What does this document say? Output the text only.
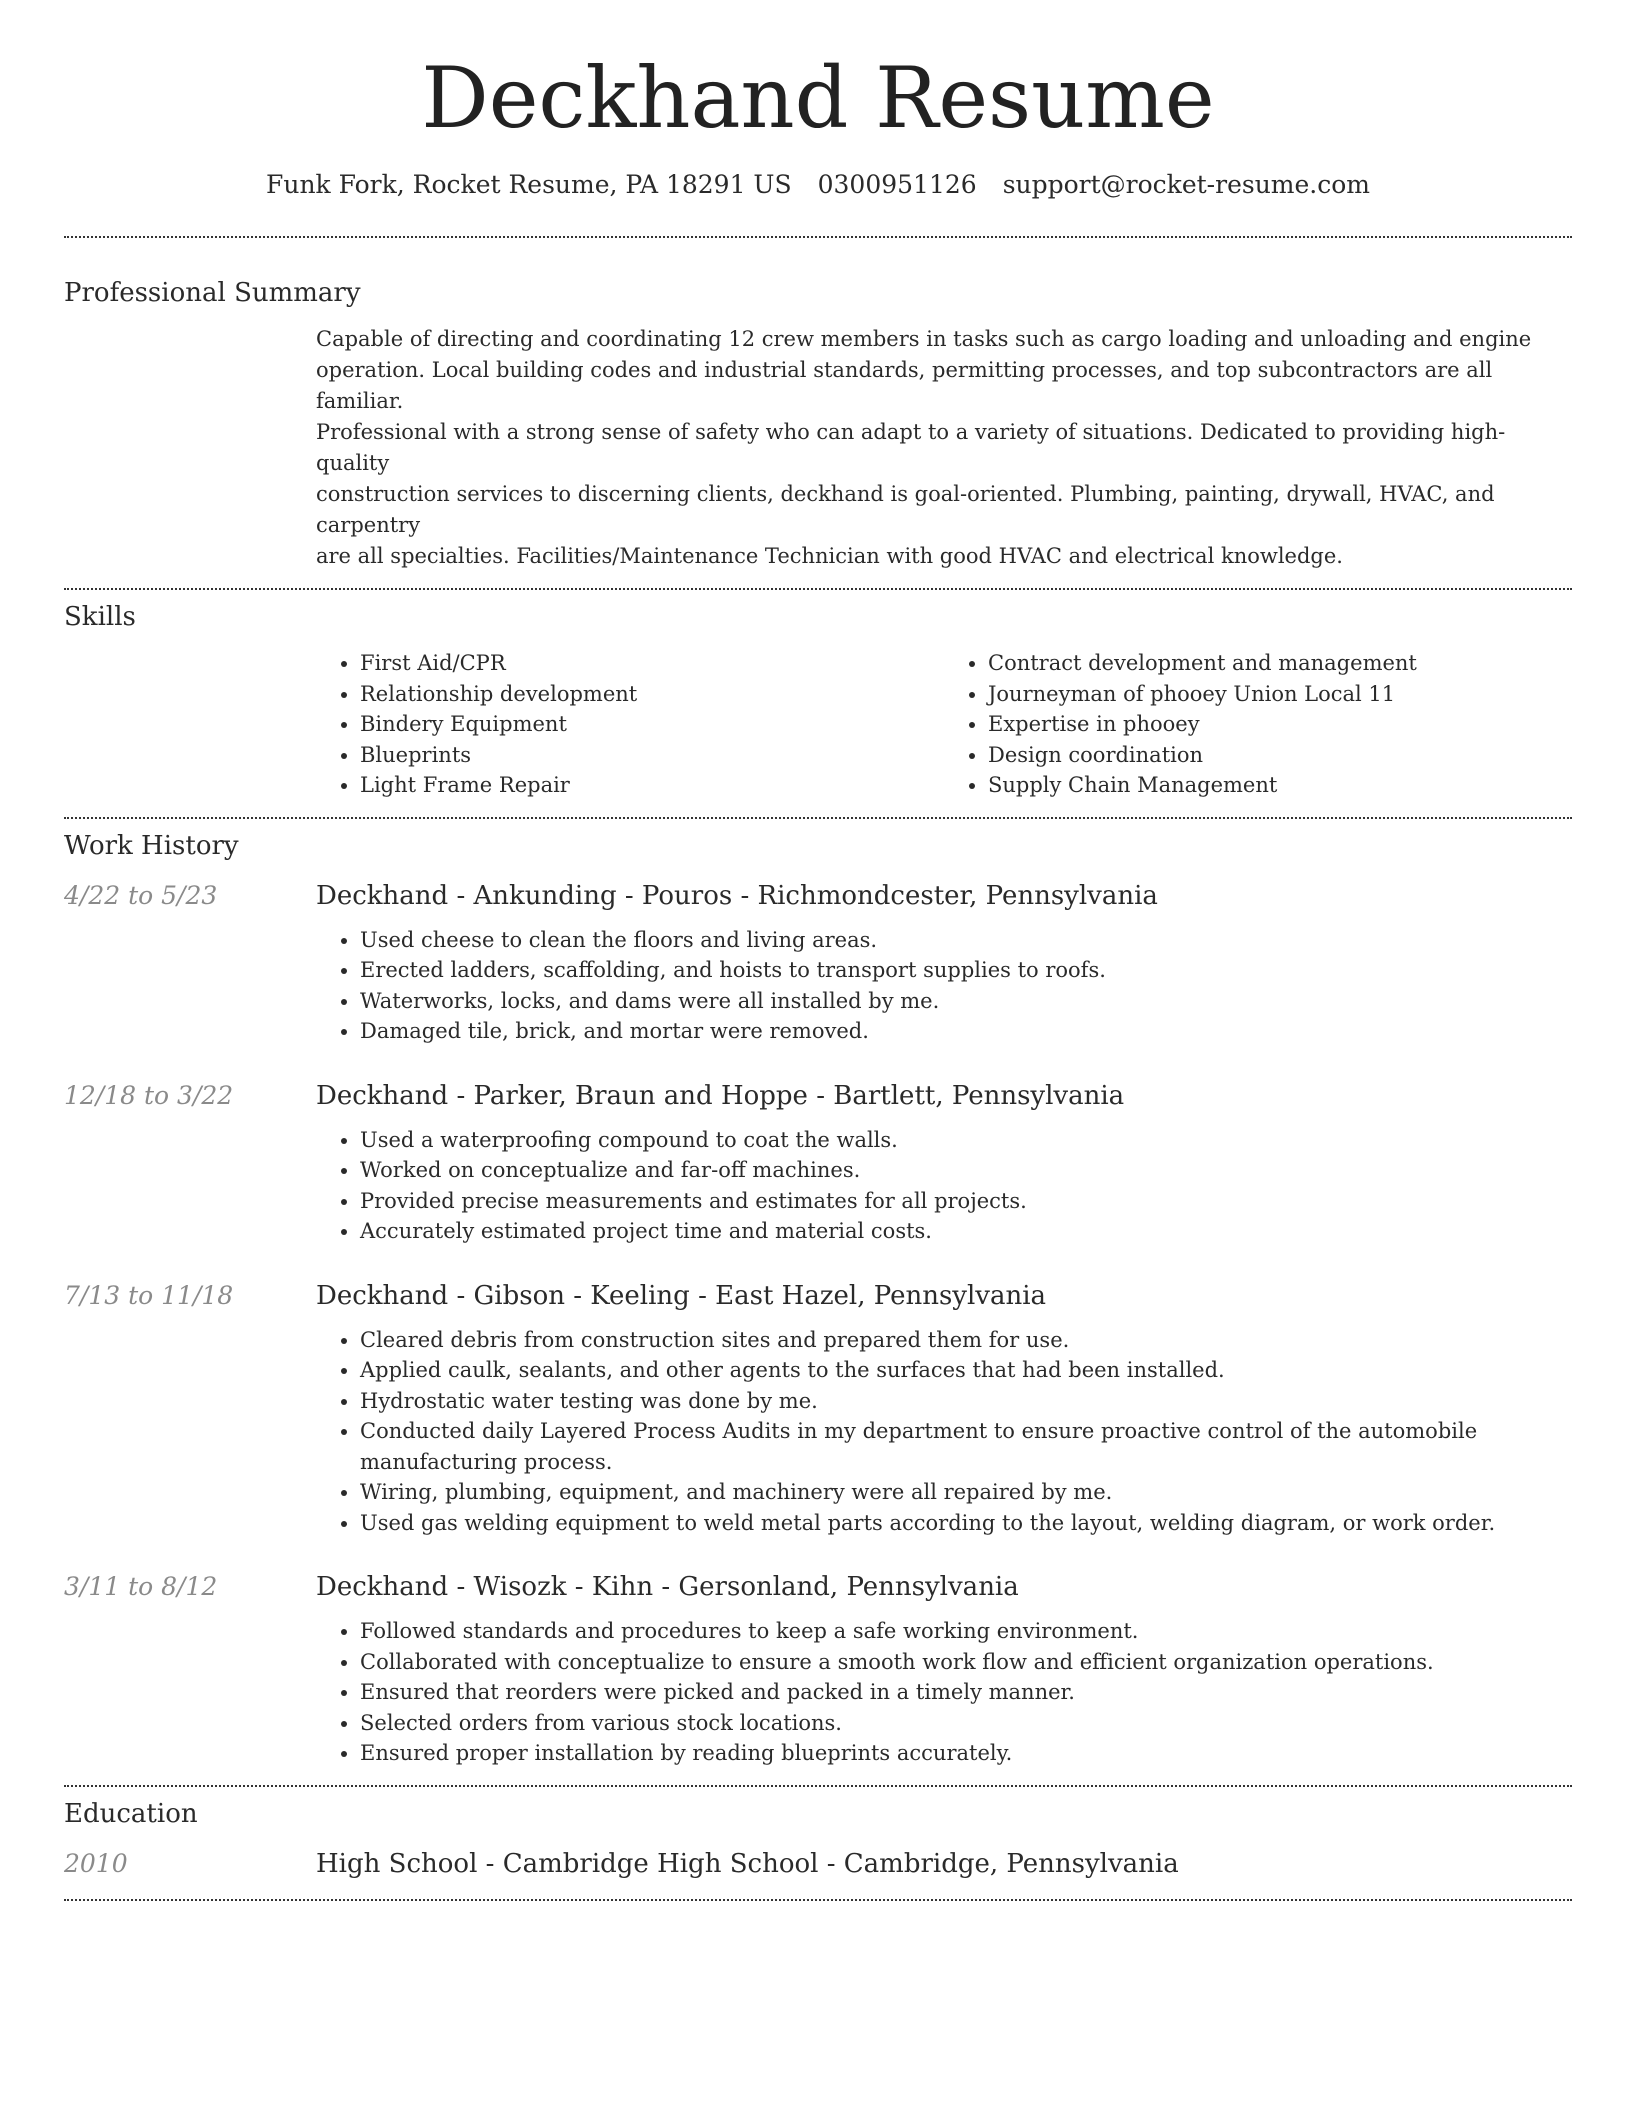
Deckhand Resume
Funk Fork, Rocket Resume, PA 18291 US 0300951126 support@rocket-resume.com
Professional Summary

Capable of directing and coordinating 12 crew members in tasks such as cargo loading and unloading and engine
operation. Local building codes and industrial standards, permitting processes, and top subcontractors are all familiar.
Professional with a strong sense of safety who can adapt to a variety of situations. Dedicated to providing high-quality
construction services to discerning clients, deckhand is goal-oriented. Plumbing, painting, drywall, HVAC, and carpentry
are all specialties. Facilities/Maintenance Technician with good HVAC and electrical knowledge.

Skills
• First Aid/CPR
• Relationship development
• Bindery Equipment
• Blueprints
• Light Frame Repair
• Contract development and management
• Journeyman of phooey Union Local 11
• Expertise in phooey
• Design coordination
• Supply Chain Management
Work History
4/22 to 5/23	Deckhand - Ankunding - Pouros - Richmondcester, Pennsylvania
• Used cheese to clean the floors and living areas.
• Erected ladders, scaffolding, and hoists to transport supplies to roofs.
• Waterworks, locks, and dams were all installed by me.
• Damaged tile, brick, and mortar were removed.
12/18 to 3/22	Deckhand - Parker, Braun and Hoppe - Bartlett, Pennsylvania
• Used a waterproofing compound to coat the walls.
• Worked on conceptualize and far-off machines.
• Provided precise measurements and estimates for all projects.
• Accurately estimated project time and material costs.
7/13 to 11/18	Deckhand - Gibson - Keeling - East Hazel, Pennsylvania
• Cleared debris from construction sites and prepared them for use.
• Applied caulk, sealants, and other agents to the surfaces that had been installed.
• Hydrostatic water testing was done by me.
• Conducted daily Layered Process Audits in my department to ensure proactive control of the automobile manufacturing process.
• Wiring, plumbing, equipment, and machinery were all repaired by me.
• Used gas welding equipment to weld metal parts according to the layout, welding diagram, or work order.
3/11 to 8/12	Deckhand - Wisozk - Kihn - Gersonland, Pennsylvania
• Followed standards and procedures to keep a safe working environment.
• Collaborated with conceptualize to ensure a smooth work flow and efficient organization operations.
• Ensured that reorders were picked and packed in a timely manner.
• Selected orders from various stock locations.
• Ensured proper installation by reading blueprints accurately.
Education
2010	High School - Cambridge High School - Cambridge, Pennsylvania
